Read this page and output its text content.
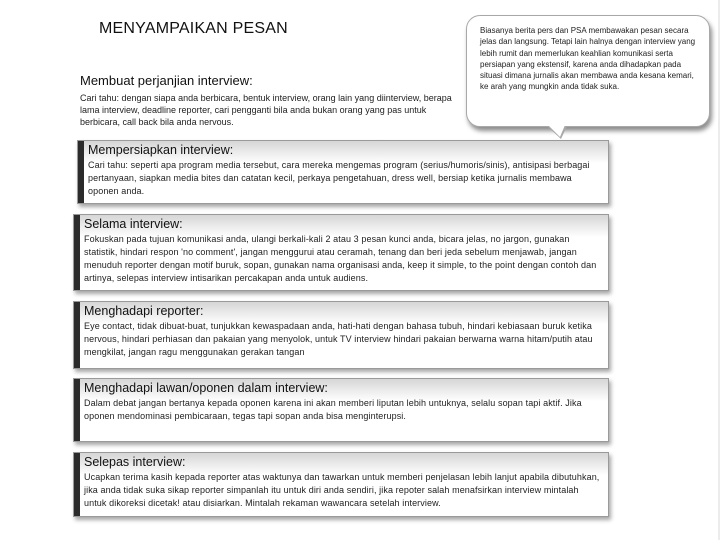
MENYAMPAIKAN PESAN
Membuat perjanjian interview:

Cari tahu: dengan siapa anda berbicara, bentuk interview, orang lain yang diinterview, berapa lama interview, deadline reporter, cari pengganti bila anda bukan orang yang pas untuk berbicara, call back bila anda nervous.

Mempersiapkan interview:

Cari tahu: seperti apa program media tersebut, cara mereka mengemas program (serius/humoris/sinis), antisipasi berbagai pertanyaan, siapkan media bites dan catatan kecil, perkaya pengetahuan, dress well, bersiap ketika jurnalis membawa oponen anda.

Selama interview:

Fokuskan pada tujuan komunikasi anda, ulangi berkali-kali 2 atau 3 pesan kunci anda, bicara jelas, no jargon, gunakan statistik, hindari respon 'no comment', jangan menggurui atau ceramah, tenang dan beri jeda sebelum menjawab, jangan menuduh reporter dengan motif buruk, sopan, gunakan nama organisasi anda, keep it simple, to the point dengan contoh dan artinya, selepas interview intisarikan percakapan anda untuk audiens.

Menghadapi reporter:

Eye contact, tidak dibuat-buat, tunjukkan kewaspadaan anda, hati-hati dengan bahasa tubuh, hindari kebiasaan buruk ketika nervous, hindari perhiasan dan pakaian yang menyolok, untuk TV interview hindari pakaian berwarna warna hitam/putih atau mengkilat, jangan ragu menggunakan gerakan tangan

Menghadapi lawan/oponen dalam interview:

Dalam debat jangan bertanya kepada oponen karena ini akan memberi liputan lebih untuknya, selalu sopan tapi aktif. Jika oponen mendominasi pembicaraan, tegas tapi sopan anda bisa menginterupsi.

Selepas interview:

Ucapkan terima kasih kepada reporter atas waktunya dan tawarkan untuk memberi penjelasan lebih lanjut apabila dibutuhkan, jika anda tidak suka sikap reporter simpanlah itu untuk diri anda sendiri, jika repoter salah menafsirkan interview mintalah untuk dikoreksi dicetak! atau disiarkan. Mintalah rekaman wawancara setelah interview.

Biasanya berita pers dan PSA membawakan pesan secara jelas dan langsung. Tetapi lain halnya dengan interview yang lebih rumit dan memerlukan keahlian komunikasi serta persiapan yang ekstensif, karena anda dihadapkan pada situasi dimana jurnalis akan membawa anda kesana kemari, ke arah yang mungkin anda tidak suka.
